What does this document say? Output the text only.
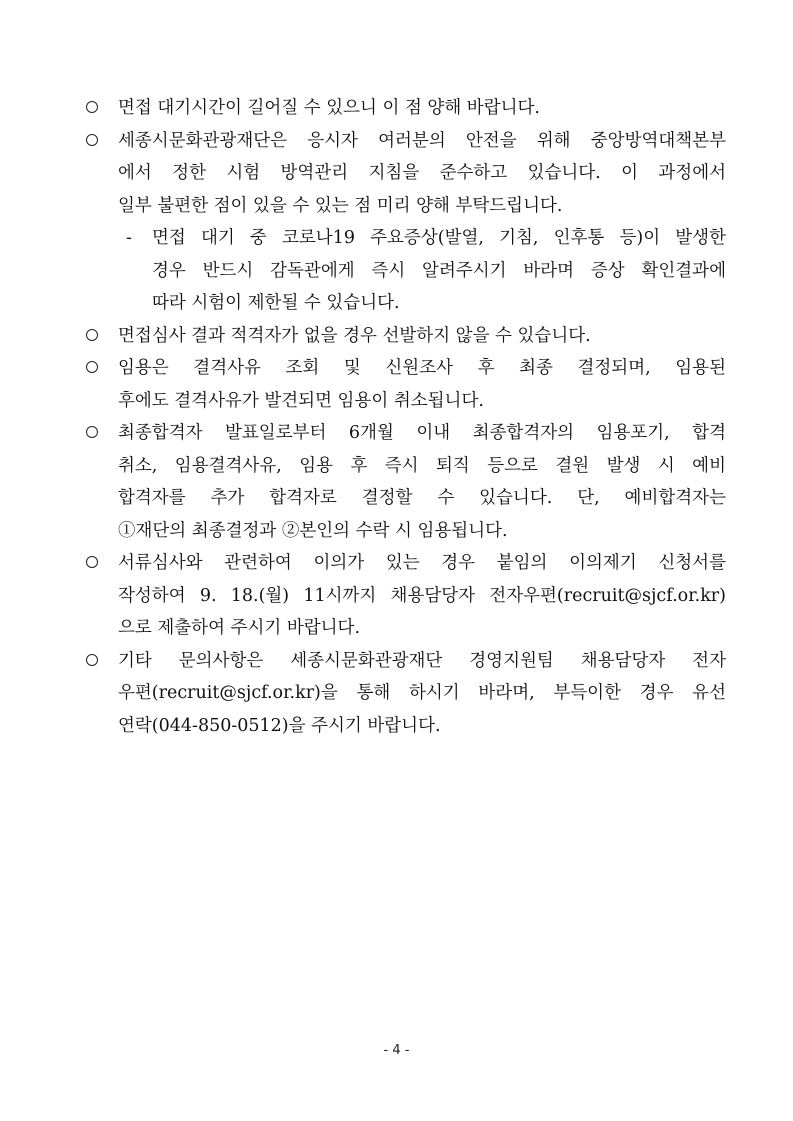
면접 대기시간이 길어질 수 있으니 이 점 양해 바랍니다.
세종시문화관광재단은 응시자 여러분의 안전을 위해 중앙방역대책본부
에서 정한 시험 방역관리 지침을 준수하고 있습니다. 이 과정에서
일부 불편한 점이 있을 수 있는 점 미리 양해 부탁드립니다.
- 면접 대기 중 코로나19 주요증상(발열, 기침, 인후통 등)이 발생한
경우 반드시 감독관에게 즉시 알려주시기 바라며 증상 확인결과에
따라 시험이 제한될 수 있습니다.
면접심사 결과 적격자가 없을 경우 선발하지 않을 수 있습니다.
임용은 결격사유 조회 및 신원조사 후 최종 결정되며, 임용된
후에도 결격사유가 발견되면 임용이 취소됩니다.
최종합격자 발표일로부터 6개월 이내 최종합격자의 임용포기, 합격
취소, 임용결격사유, 임용 후 즉시 퇴직 등으로 결원 발생 시 예비
합격자를 추가 합격자로 결정할 수 있습니다. 단, 예비합격자는
①재단의 최종결정과 ②본인의 수락 시 임용됩니다.
서류심사와 관련하여 이의가 있는 경우 붙임의 이의제기 신청서를
작성하여 9. 18.(월) 11시까지 채용담당자 전자우편(recruit@sjcf.or.kr)
으로 제출하여 주시기 바랍니다.
기타 문의사항은 세종시문화관광재단 경영지원팀 채용담당자 전자
우편(recruit@sjcf.or.kr)을 통해 하시기 바라며, 부득이한 경우 유선
연락(044-850-0512)을 주시기 바랍니다.
- 4 -
